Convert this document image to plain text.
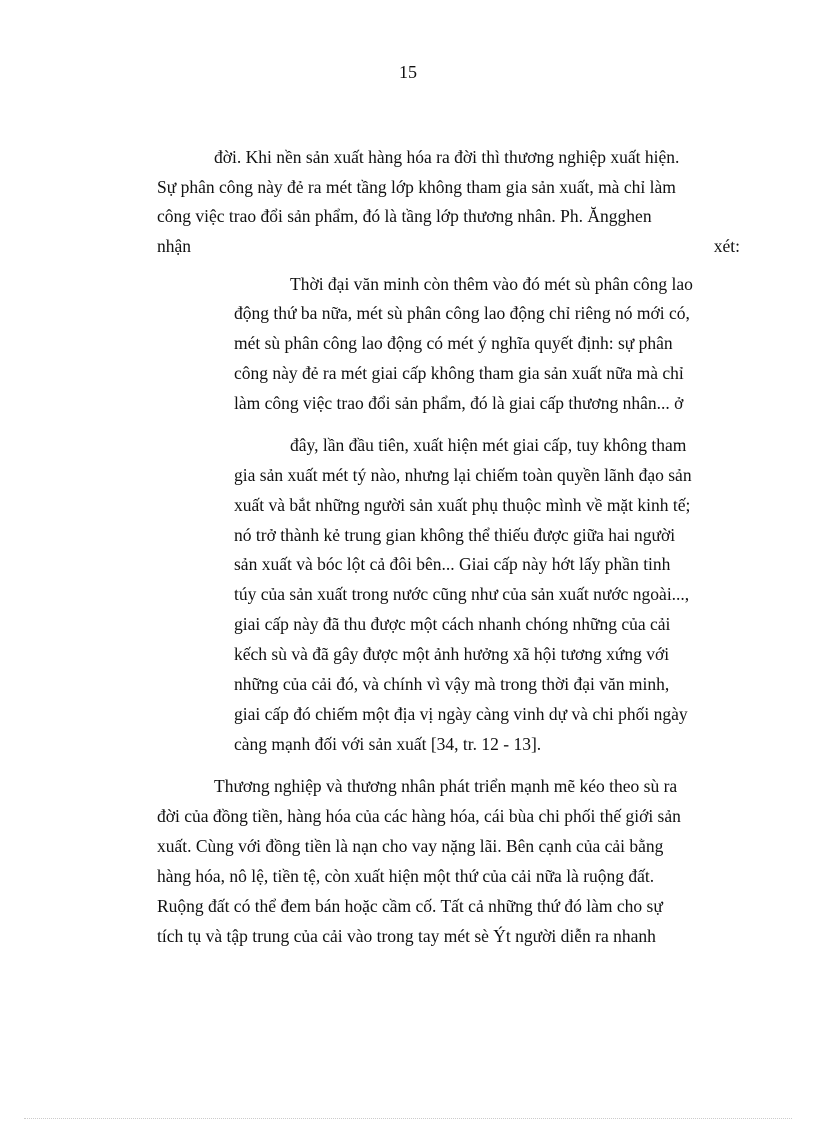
15
đời. Khi nền sản xuất hàng hóa ra đời thì thương nghiệp xuất hiện.
Sự phân công này đẻ ra mét tầng lớp không tham gia sản xuất, mà chỉ làm
công việc trao đổi sản phẩm, đó là tầng lớp thương nhân. Ph. Ăngghen
nhận	xét:
Thời đại văn minh còn thêm vào đó mét sù phân công lao
động thứ ba nữa, mét sù phân công lao động chỉ riêng nó mới có,
mét sù phân công lao động có mét ý nghĩa quyết định: sự phân
công này đẻ ra mét giai cấp không tham gia sản xuất nữa mà chỉ
làm công việc trao đổi sản phẩm, đó là giai cấp thương nhân... ở
đây, lần đầu tiên, xuất hiện mét giai cấp, tuy không tham
gia sản xuất mét tý nào, nhưng lại chiếm toàn quyền lãnh đạo sản
xuất và bắt những người sản xuất phụ thuộc mình về mặt kinh tế;
nó trở thành kẻ trung gian không thể thiếu được giữa hai người
sản xuất và bóc lột cả đôi bên... Giai cấp này hớt lấy phần tinh
túy của sản xuất trong nước cũng như của sản xuất nước ngoài...,
giai cấp này đã thu được một cách nhanh chóng những của cải
kếch sù và đã gây được một ảnh hưởng xã hội tương xứng với
những của cải đó, và chính vì vậy mà trong thời đại văn minh,
giai cấp đó chiếm một địa vị ngày càng vinh dự và chi phối ngày
càng mạnh đối với sản xuất [34, tr. 12 - 13].
Thương nghiệp và thương nhân phát triển mạnh mẽ kéo theo sù ra
đời của đồng tiền, hàng hóa của các hàng hóa, cái bùa chi phối thế giới sản
xuất. Cùng với đồng tiền là nạn cho vay nặng lãi. Bên cạnh của cải bằng
hàng hóa, nô lệ, tiền tệ, còn xuất hiện một thứ của cải nữa là ruộng đất.
Ruộng đất có thể đem bán hoặc cầm cố. Tất cả những thứ đó làm cho sự
tích tụ và tập trung của cải vào trong tay mét sè Ýt người diễn ra nhanh
